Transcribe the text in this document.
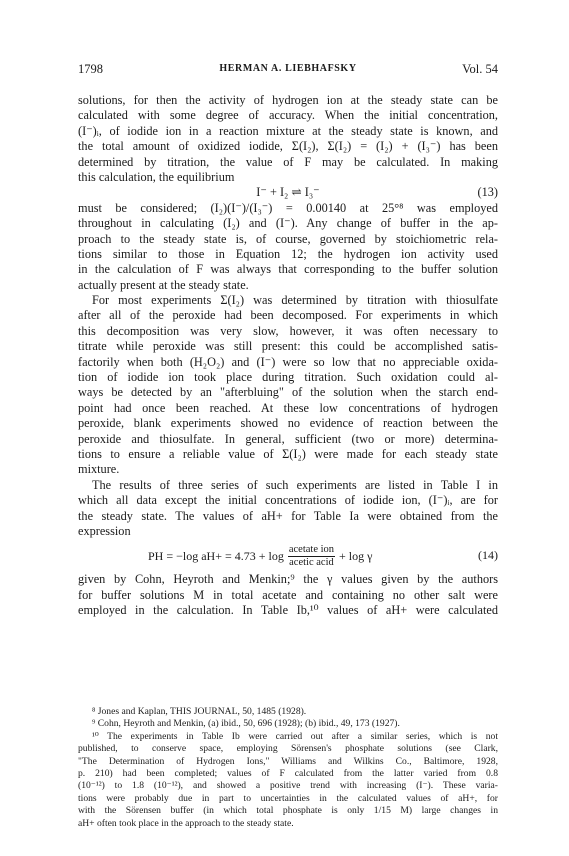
1798	HERMAN A. LIEBHAFSKY	Vol. 54
solutions, for then the activity of hydrogen ion at the steady state can be
calculated with some degree of accuracy. When the initial concentration,
(I⁻)ᵢ, of iodide ion in a reaction mixture at the steady state is known, and
the total amount of oxidized iodide, Σ(I₂), Σ(I₂) = (I₂) + (I₃⁻) has been
determined by titration, the value of F may be calculated. In making
this calculation, the equilibrium
I⁻ + I₂ ⇌ I₃⁻	(13)
must be considered; (I₂)(I⁻)/(I₃⁻) = 0.00140 at 25°⁸ was employed
throughout in calculating (I₂) and (I⁻). Any change of buffer in the ap-
proach to the steady state is, of course, governed by stoichiometric rela-
tions similar to those in Equation 12; the hydrogen ion activity used
in the calculation of F was always that corresponding to the buffer solution
actually present at the steady state.
For most experiments Σ(I₂) was determined by titration with thiosulfate
after all of the peroxide had been decomposed. For experiments in which
this decomposition was very slow, however, it was often necessary to
titrate while peroxide was still present: this could be accomplished satis-
factorily when both (H₂O₂) and (I⁻) were so low that no appreciable oxida-
tion of iodide ion took place during titration. Such oxidation could al-
ways be detected by an "afterbluing" of the solution when the starch end-
point had once been reached. At these low concentrations of hydrogen
peroxide, blank experiments showed no evidence of reaction between the
peroxide and thiosulfate. In general, sufficient (two or more) determina-
tions to ensure a reliable value of Σ(I₂) were made for each steady state
mixture.
The results of three series of such experiments are listed in Table I in
which all data except the initial concentrations of iodide ion, (I⁻)ᵢ, are for
the steady state. The values of aH+ for Table Ia were obtained from the
expression
PH = −log aH+ = 4.73 + log acetate ion
acetic acid + log γ	(14)
given by Cohn, Heyroth and Menkin;⁹ the γ values given by the authors
for buffer solutions M in total acetate and containing no other salt were
employed in the calculation. In Table Ib,¹⁰ values of aH+ were calculated
⁸ Jones and Kaplan, THIS JOURNAL, 50, 1485 (1928).
⁹ Cohn, Heyroth and Menkin, (a) ibid., 50, 696 (1928); (b) ibid., 49, 173 (1927).
¹⁰ The experiments in Table Ib were carried out after a similar series, which is not
published, to conserve space, employing Sörensen's phosphate solutions (see Clark,
"The Determination of Hydrogen Ions," Williams and Wilkins Co., Baltimore, 1928,
p. 210) had been completed; values of F calculated from the latter varied from 0.8
(10⁻¹²) to 1.8 (10⁻¹²), and showed a positive trend with increasing (I⁻). These varia-
tions were probably due in part to uncertainties in the calculated values of aH+, for
with the Sörensen buffer (in which total phosphate is only 1/15 M) large changes in
aH+ often took place in the approach to the steady state.
